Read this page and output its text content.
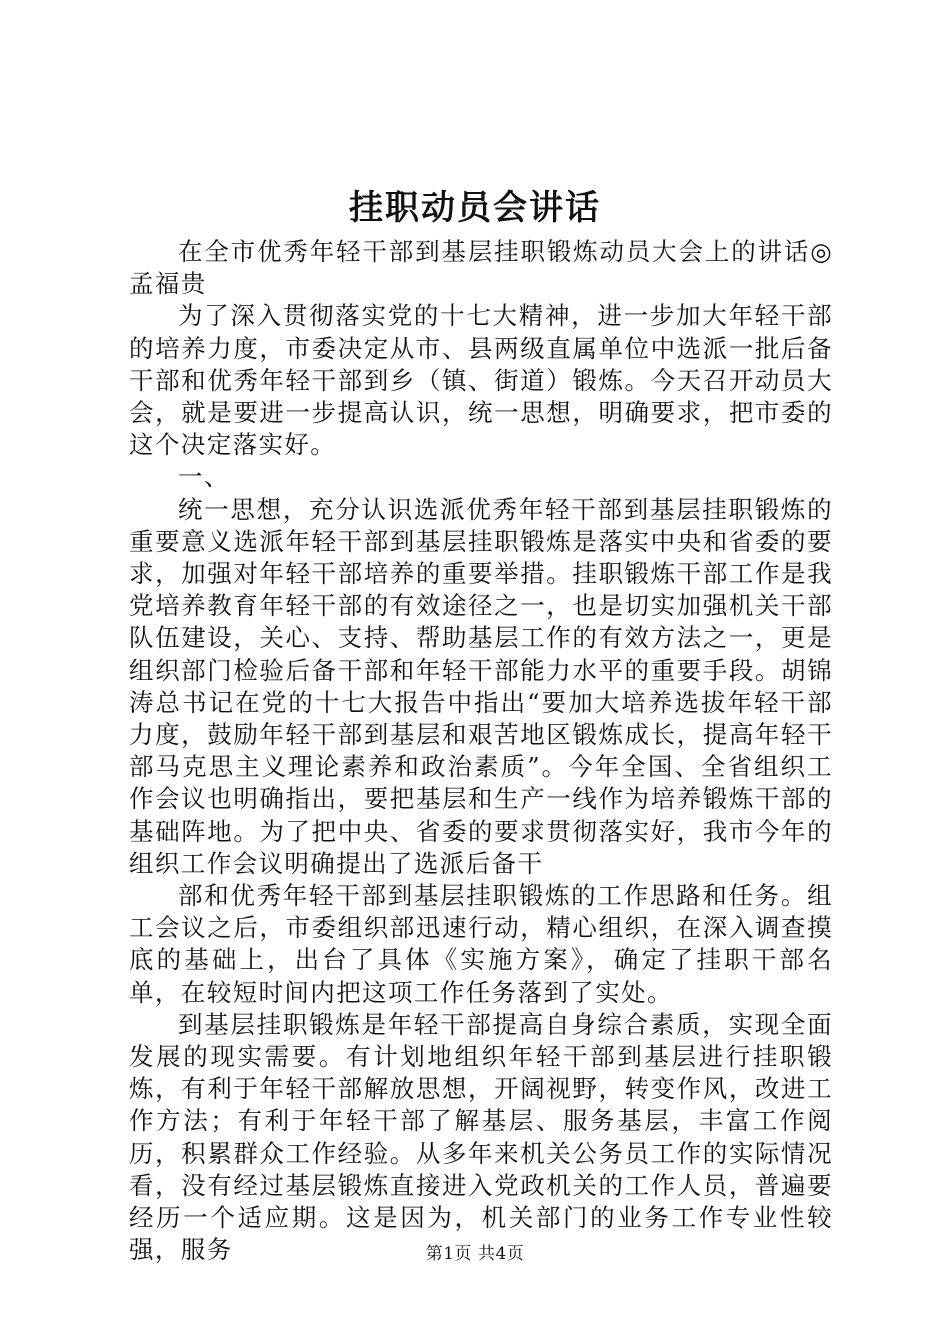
挂职动员会讲话

在全市优秀年轻干部到基层挂职锻炼动员大会上的讲话◎孟福贵

为了深入贯彻落实党的十七大精神，进一步加大年轻干部的培养力度，市委决定从市、县两级直属单位中选派一批后备干部和优秀年轻干部到乡（镇、街道）锻炼。今天召开动员大会，就是要进一步提高认识，统一思想，明确要求，把市委的这个决定落实好。

一、

统一思想，充分认识选派优秀年轻干部到基层挂职锻炼的重要意义选派年轻干部到基层挂职锻炼是落实中央和省委的要求，加强对年轻干部培养的重要举措。挂职锻炼干部工作是我党培养教育年轻干部的有效途径之一，也是切实加强机关干部队伍建设，关心、支持、帮助基层工作的有效方法之一，更是组织部门检验后备干部和年轻干部能力水平的重要手段。胡锦涛总书记在党的十七大报告中指出“要加大培养选拔年轻干部力度，鼓励年轻干部到基层和艰苦地区锻炼成长，提高年轻干部马克思主义理论素养和政治素质”。今年全国、全省组织工作会议也明确指出，要把基层和生产一线作为培养锻炼干部的基础阵地。为了把中央、省委的要求贯彻落实好，我市今年的组织工作会议明确提出了选派后备干

部和优秀年轻干部到基层挂职锻炼的工作思路和任务。组工会议之后，市委组织部迅速行动，精心组织，在深入调查摸底的基础上，出台了具体《实施方案》，确定了挂职干部名单，在较短时间内把这项工作任务落到了实处。

到基层挂职锻炼是年轻干部提高自身综合素质，实现全面发展的现实需要。有计划地组织年轻干部到基层进行挂职锻炼，有利于年轻干部解放思想，开阔视野，转变作风，改进工作方法；有利于年轻干部了解基层、服务基层，丰富工作阅历，积累群众工作经验。从多年来机关公务员工作的实际情况看，没有经过基层锻炼直接进入党政机关的工作人员，普遍要经历一个适应期。这是因为，机关部门的业务工作专业性较强，服务	第1页 共4页
